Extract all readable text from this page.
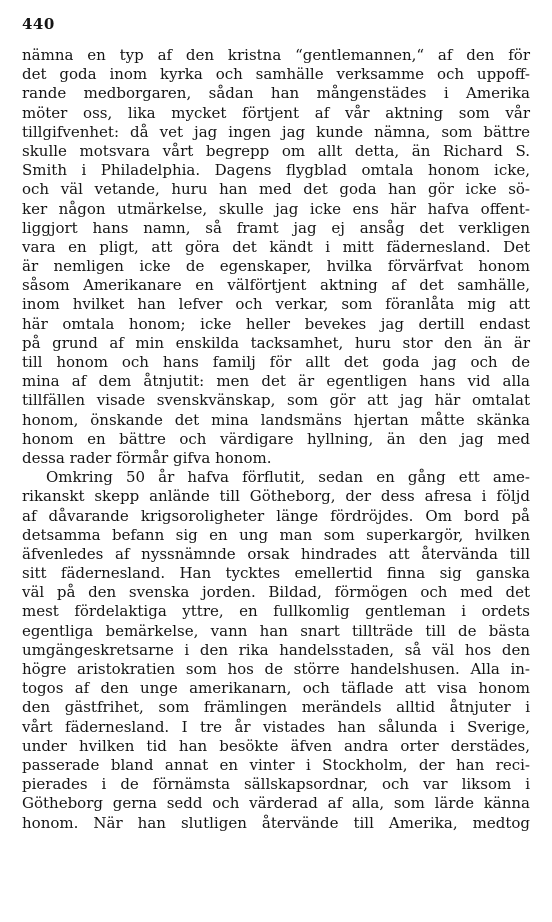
440
nämna en typ af den kristna “gentlemannen,“ af den för
det goda inom kyrka och samhälle verksamme och uppoff-
rande medborgaren, sådan han mångenstädes i Amerika
möter oss, lika mycket förtjent af vår aktning som vår
tillgifvenhet: då vet jag ingen jag kunde nämna, som bättre
skulle motsvara vårt begrepp om allt detta, än Richard S.
Smith i Philadelphia. Dagens flygblad omtala honom icke,
och väl vetande, huru han med det goda han gör icke sö-
ker någon utmärkelse, skulle jag icke ens här hafva offent-
liggjort hans namn, så framt jag ej ansåg det verkligen
vara en pligt, att göra det kändt i mitt fädernesland. Det
är nemligen icke de egenskaper, hvilka förvärfvat honom
såsom Amerikanare en välförtjent aktning af det samhälle,
inom hvilket han lefver och verkar, som föranlåta mig att
här omtala honom; icke heller bevekes jag dertill endast
på grund af min enskilda tacksamhet, huru stor den än är
till honom och hans familj för allt det goda jag och de
mina af dem åtnjutit: men det är egentligen hans vid alla
tillfällen visade svenskvänskap, som gör att jag här omtalat
honom, önskande det mina landsmäns hjertan måtte skänka
honom en bättre och värdigare hyllning, än den jag med
dessa rader förmår gifva honom.
Omkring 50 år hafva förflutit, sedan en gång ett ame-
rikanskt skepp anlände till Götheborg, der dess afresa i följd
af dåvarande krigsoroligheter länge fördröjdes. Om bord på
detsamma befann sig en ung man som superkargör, hvilken
äfvenledes af nyssnämnde orsak hindrades att återvända till
sitt fädernesland. Han tycktes emellertid finna sig ganska
väl på den svenska jorden. Bildad, förmögen och med det
mest fördelaktiga yttre, en fullkomlig gentleman i ordets
egentliga bemärkelse, vann han snart tillträde till de bästa
umgängeskretsarne i den rika handelsstaden, så väl hos den
högre aristokratien som hos de större handelshusen. Alla in-
togos af den unge amerikanarn, och täflade att visa honom
den gästfrihet, som främlingen merändels alltid åtnjuter i
vårt fädernesland. I tre år vistades han sålunda i Sverige,
under hvilken tid han besökte äfven andra orter derstädes,
passerade bland annat en vinter i Stockholm, der han reci-
pierades i de förnämsta sällskapsordnar, och var liksom i
Götheborg gerna sedd och värderad af alla, som lärde känna
honom. När han slutligen återvände till Amerika, medtog
